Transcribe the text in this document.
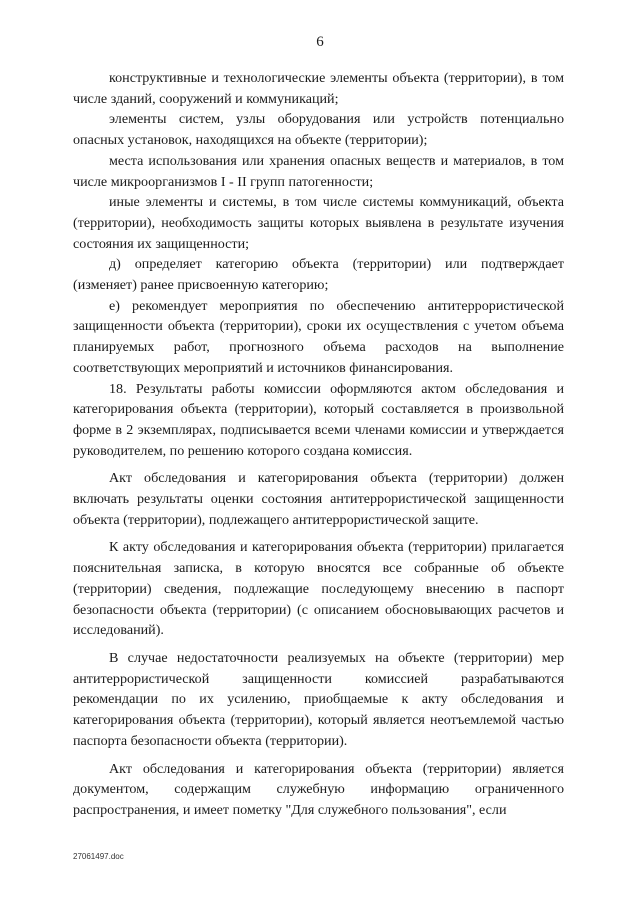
6

конструктивные и технологические элементы объекта (территории), в том числе зданий, сооружений и коммуникаций;

элементы систем, узлы оборудования или устройств потенциально опасных установок, находящихся на объекте (территории);

места использования или хранения опасных веществ и материалов, в том числе микроорганизмов I - II групп патогенности;

иные элементы и системы, в том числе системы коммуникаций, объекта (территории), необходимость защиты которых выявлена в результате изучения состояния их защищенности;

д) определяет категорию объекта (территории) или подтверждает (изменяет) ранее присвоенную категорию;

е) рекомендует мероприятия по обеспечению антитеррористической защищенности объекта (территории), сроки их осуществления с учетом объема планируемых работ, прогнозного объема расходов на выполнение соответствующих мероприятий и источников финансирования.

18. Результаты работы комиссии оформляются актом обследования и категорирования объекта (территории), который составляется в произвольной форме в 2 экземплярах, подписывается всеми членами комиссии и утверждается руководителем, по решению которого создана комиссия.

Акт обследования и категорирования объекта (территории) должен включать результаты оценки состояния антитеррористической защищенности объекта (территории), подлежащего антитеррористической защите.

К акту обследования и категорирования объекта (территории) прилагается пояснительная записка, в которую вносятся все собранные об объекте (территории) сведения, подлежащие последующему внесению в паспорт безопасности объекта (территории) (с описанием обосновывающих расчетов и исследований).

В случае недостаточности реализуемых на объекте (территории) мер антитеррористической защищенности комиссией разрабатываются рекомендации по их усилению, приобщаемые к акту обследования и категорирования объекта (территории), который является неотъемлемой частью паспорта безопасности объекта (территории).

Акт обследования и категорирования объекта (территории) является документом, содержащим служебную информацию ограниченного распространения, и имеет пометку "Для служебного пользования", если

27061497.doc
